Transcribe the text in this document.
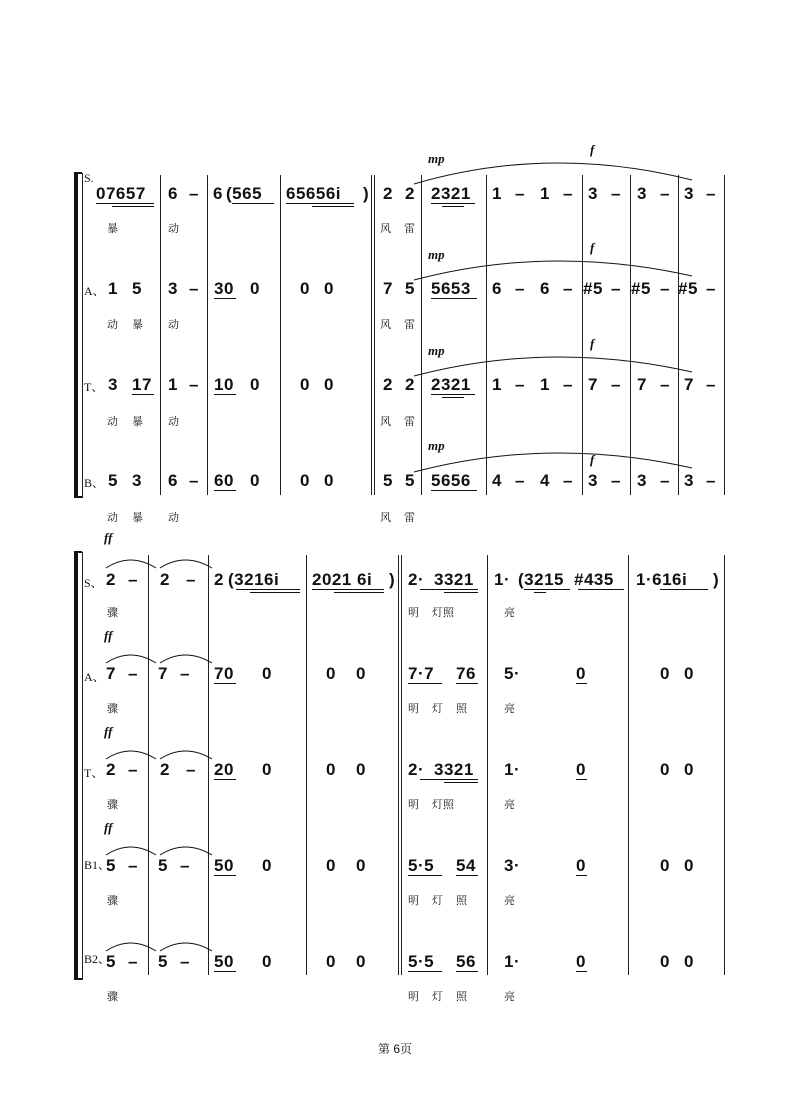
S.
mp
f
07657 6 – 6 (565 65656i ) 2 2 2321 1 – 1 – 3 – 3 – 3 –
暴	动	风 雷
A、
mp	f
1 5 3 – 30 0 0 0	7 5 5653 6 – 6 – #5 – #5 – #5 –
动 暴 动	风 雷
T、
mp	f
3 17 1 – 10 0 0 0	2 2 2321 1 – 1 – 7 – 7 – 7 –
动 暴 动	风 雷
B、
mp
f
5 3 6 – 60 0 0 0	5 5 5656 4 – 4 – 3 – 3 – 3 –
动 暴 动	风 雷
ff
S、 2 – 2 – 2 (3216i 2021 6i ) 2· 3321 1· (3215 #435 1·616i )
骤	明 灯照	亮
ff
A、 7 – 7 – 70 0	0 0 7·7 76 5·	0	0 0
骤	明 灯 照	亮
ff
T、 2 – 2 – 20 0	0 0 2· 3321 1·	0	0 0
骤	明 灯照	亮
ff
B1、
5 – 5 – 50 0	0 0 5·5 54 3·	0	0 0
骤	明 灯 照	亮
B2、
5 – 5 – 50 0	0 0 5·5 56 1·	0	0 0
骤	明 灯 照	亮
第 6页
